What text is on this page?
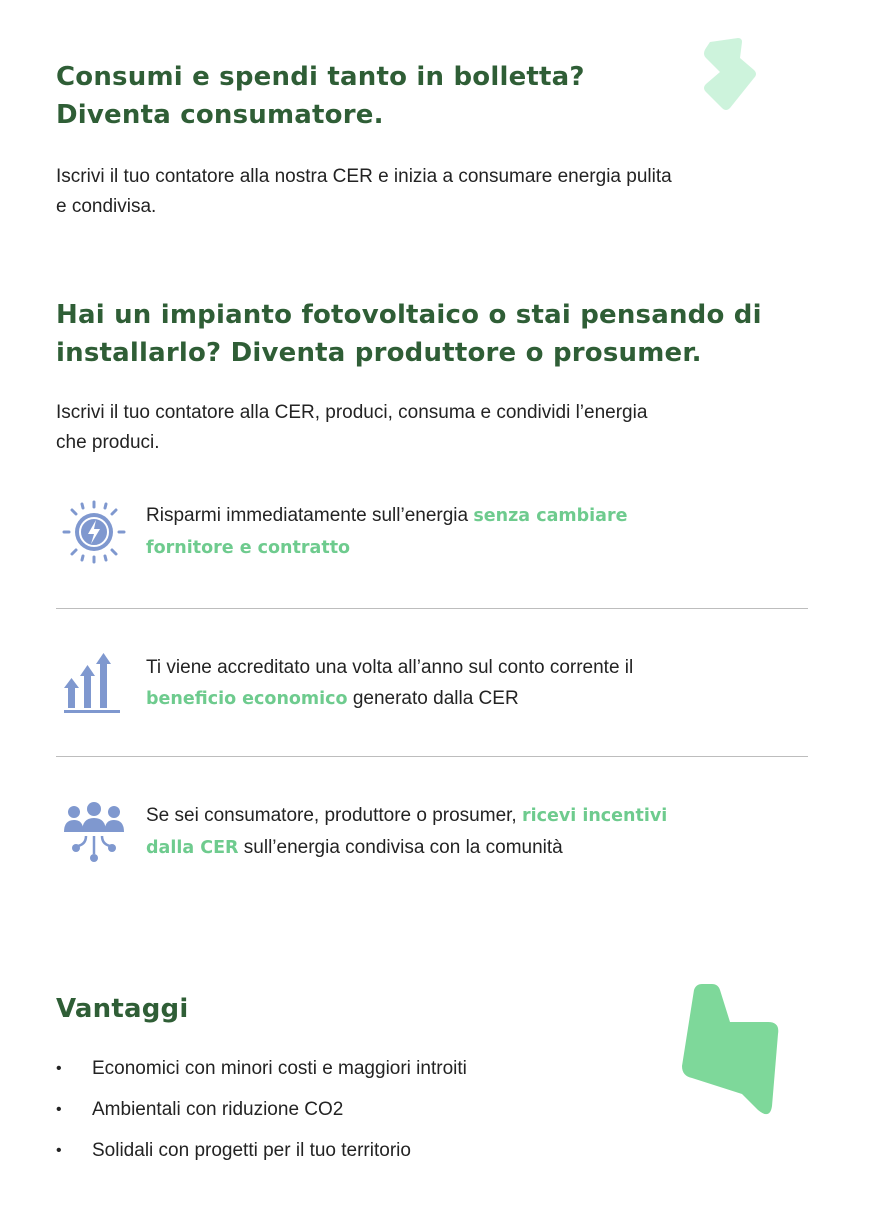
Consumi e spendi tanto in bolletta?
Diventa consumatore.

Iscrivi il tuo contatore alla nostra CER e inizia a consumare energia pulita
e condivisa.

Hai un impianto fotovoltaico o stai pensando di
installarlo? Diventa produttore o prosumer.

Iscrivi il tuo contatore alla CER, produci, consuma e condividi l’energia
che produci.

Risparmi immediatamente sull’energia senza cambiare
fornitore e contratto
Ti viene accreditato una volta all’anno sul conto corrente il
beneficio economico generato dalla CER
Se sei consumatore, produttore o prosumer, ricevi incentivi
dalla CER sull’energia condivisa con la comunità
Vantaggi
• Economici con minori costi e maggiori introiti
• Ambientali con riduzione CO2
• Solidali con progetti per il tuo territorio
